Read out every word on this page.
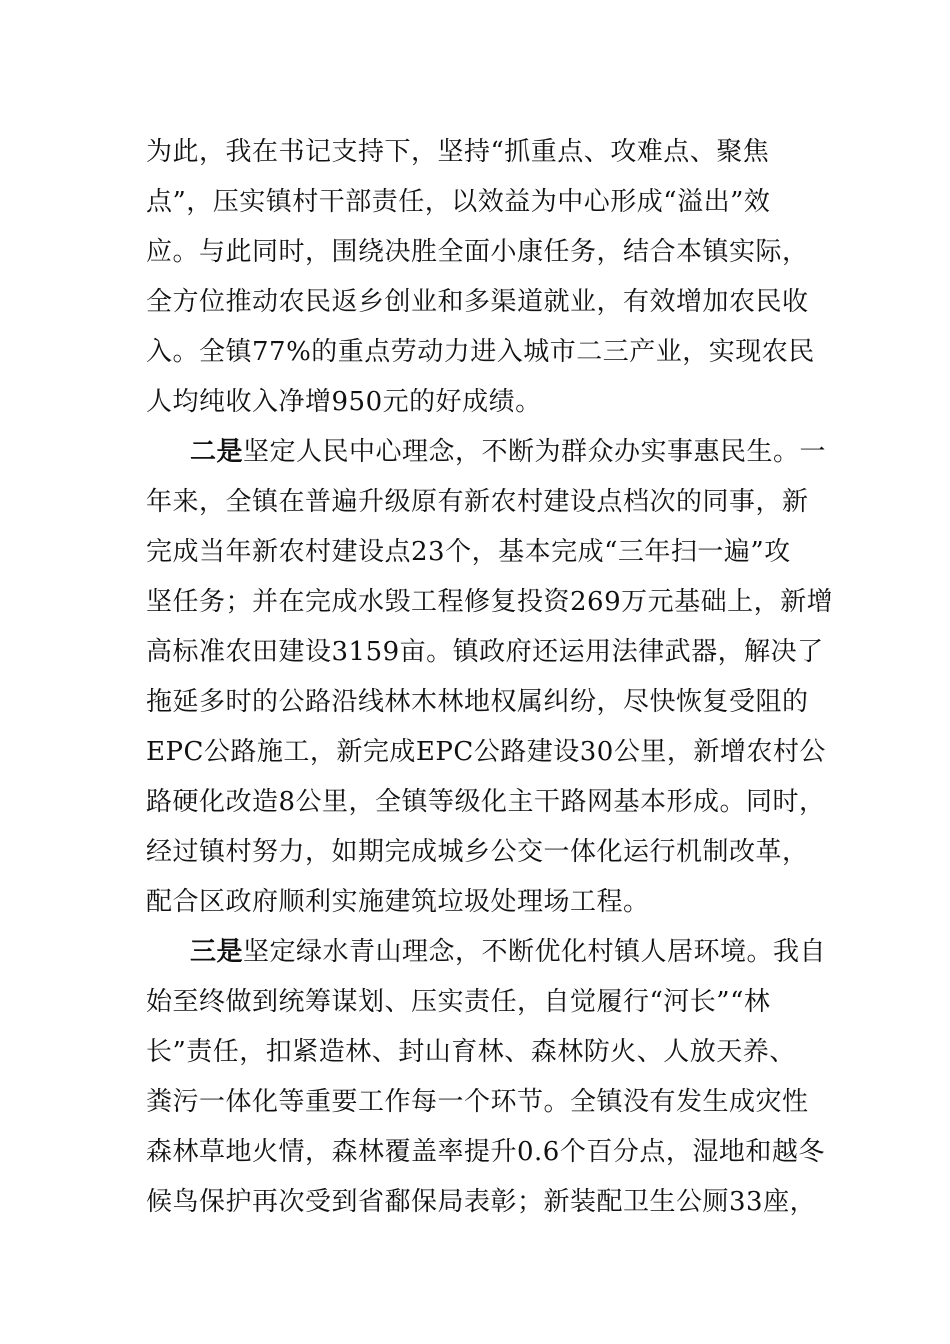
为此，我在书记支持下，坚持“抓重点、攻难点、聚焦
点”，压实镇村干部责任，以效益为中心形成“溢出”效
应。与此同时，围绕决胜全面小康任务，结合本镇实际，
全方位推动农民返乡创业和多渠道就业，有效增加农民收
入。全镇77%的重点劳动力进入城市二三产业，实现农民
人均纯收入净增950元的好成绩。
二是坚定人民中心理念，不断为群众办实事惠民生。一
年来，全镇在普遍升级原有新农村建设点档次的同事，新
完成当年新农村建设点23个，基本完成“三年扫一遍”攻
坚任务；并在完成水毁工程修复投资269万元基础上，新增
高标准农田建设3159亩。镇政府还运用法律武器，解决了
拖延多时的公路沿线林木林地权属纠纷，尽快恢复受阻的
EPC公路施工，新完成EPC公路建设30公里，新增农村公
路硬化改造8公里，全镇等级化主干路网基本形成。同时，
经过镇村努力，如期完成城乡公交一体化运行机制改革，
配合区政府顺利实施建筑垃圾处理场工程。
三是坚定绿水青山理念，不断优化村镇人居环境。我自
始至终做到统筹谋划、压实责任，自觉履行“河长”“林
长”责任，扣紧造林、封山育林、森林防火、人放天养、
粪污一体化等重要工作每一个环节。全镇没有发生成灾性
森林草地火情，森林覆盖率提升0.6个百分点，湿地和越冬
候鸟保护再次受到省鄱保局表彰；新装配卫生公厕33座，
